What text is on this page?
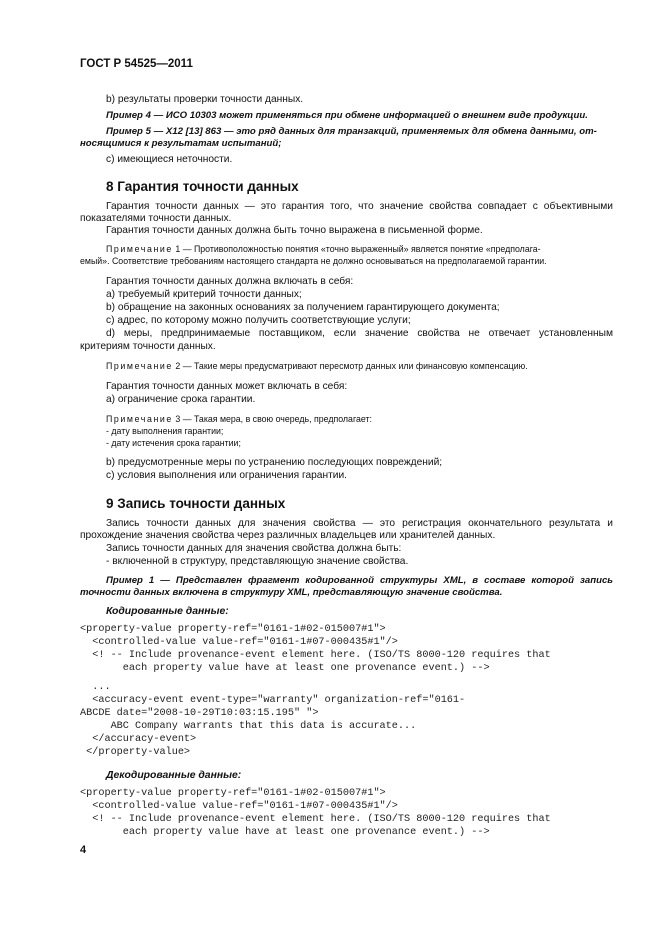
ГОСТ Р 54525—2011
b) результаты проверки точности данных.
Пример 4 — ИСО 10303 может применяться при обмене информацией о внешнем виде продукции.
Пример 5 — X12 [13] 863 — это ряд данных для транзакций, применяемых для обмена данными, от-
носящимися к результатам испытаний;
с) имеющиеся неточности.
8 Гарантия точности данных
Гарантия точности данных — это гарантия того, что значение свойства совпадает с объективными
показателями точности данных.
Гарантия точности данных должна быть точно выражена в письменной форме.
Примечание 1 — Противоположностью понятия «точно выраженный» является понятие «предполага-
емый». Соответствие требованиям настоящего стандарта не должно основываться на предполагаемой гарантии.
Гарантия точности данных должна включать в себя:
а) требуемый критерий точности данных;
b) обращение на законных основаниях за получением гарантирующего документа;
с) адрес, по которому можно получить соответствующие услуги;
d) меры, предпринимаемые поставщиком, если значение свойства не отвечает установленным
критериям точности данных.
Примечание 2 — Такие меры предусматривают пересмотр данных или финансовую компенсацию.
Гарантия точности данных может включать в себя:
а) ограничение срока гарантии.
Примечание 3 — Такая мера, в свою очередь, предполагает:
- дату выполнения гарантии;
- дату истечения срока гарантии;
b) предусмотренные меры по устранению последующих повреждений;
с) условия выполнения или ограничения гарантии.
9 Запись точности данных
Запись точности данных для значения свойства — это регистрация окончательного результата и
прохождение значения свойства через различных владельцев или хранителей данных.
Запись точности данных для значения свойства должна быть:
- включенной в структуру, представляющую значение свойства.
Пример 1 — Представлен фрагмент кодированной структуры XML, в составе которой запись
точности данных включена в структуру XML, представляющую значение свойства.
Кодированные данные:
<property-value property-ref="0161-1#02-015007#1">
<controlled-value value-ref="0161-1#07-000435#1"/>
<! -- Include provenance-event element here. (ISO/TS 8000-120 requires that
each property value have at least one provenance event.) -->
...
<accuracy-event event-type="warranty" organization-ref="0161-
ABCDE date="2008-10-29T10:03:15.195" ">
ABC Company warrants that this data is accurate...
</accuracy-event>
</property-value>
Декодированные данные:
<property-value property-ref="0161-1#02-015007#1">
<controlled-value value-ref="0161-1#07-000435#1"/>
<! -- Include provenance-event element here. (ISO/TS 8000-120 requires that
each property value have at least one provenance event.) -->
4
